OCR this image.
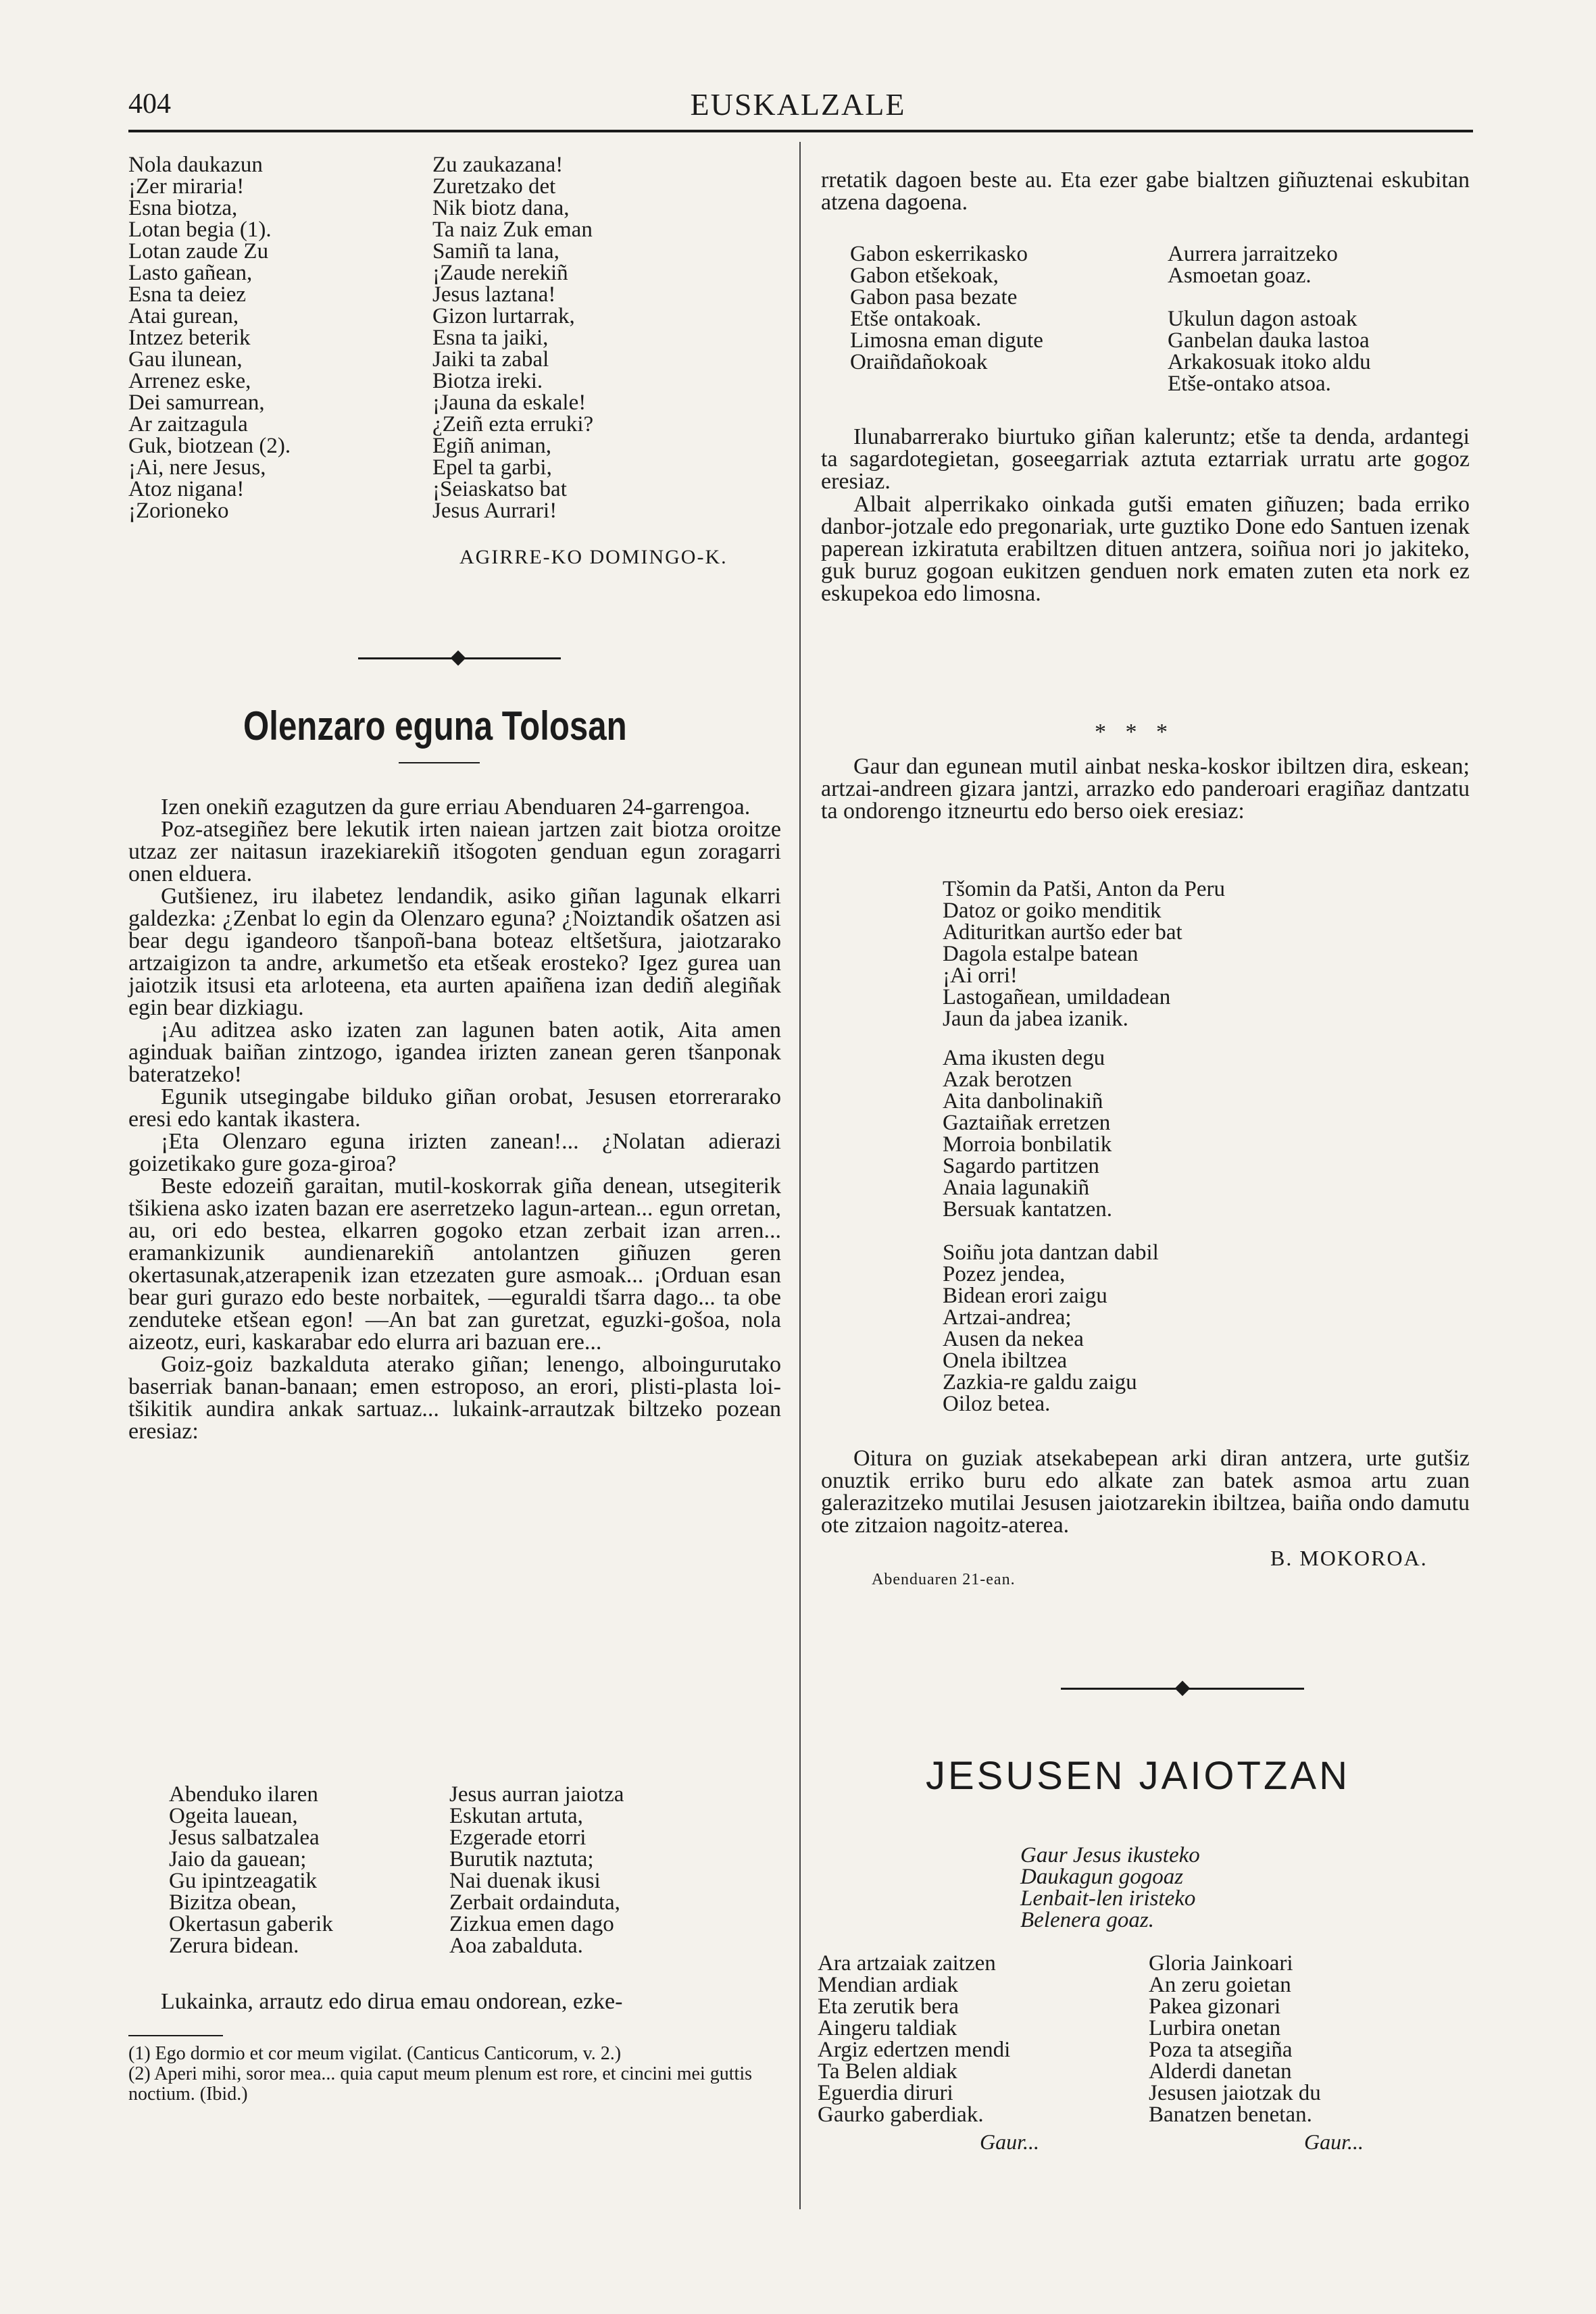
404	EUSKALZALE
Nola daukazun
¡Zer miraria!
Esna biotza,
Lotan begia (1).
Lotan zaude Zu
Lasto gañean,
Esna ta deiez
Atai gurean,
Intzez beterik
Gau ilunean,
Arrenez eske,
Dei samurrean,
Ar zaitzagula
Guk, biotzean (2).
¡Ai, nere Jesus,
Atoz nigana!
¡Zorioneko
Zu zaukazana!
Zuretzako det
Nik biotz dana,
Ta naiz Zuk eman
Samiñ ta lana,
¡Zaude nerekiñ
Jesus laztana!
Gizon lurtarrak,
Esna ta jaiki,
Jaiki ta zabal
Biotza ireki.
¡Jauna da eskale!
¿Zeiñ ezta erruki?
Egiñ animan,
Epel ta garbi,
¡Seiaskatso bat
Jesus Aurrari!
AGIRRE-KO DOMINGO-K.
Olenzaro eguna Tolosan

Izen onekiñ ezagutzen da gure erriau Abenduaren 24-garrengoa.

Poz-atsegiñez bere lekutik irten naiean jartzen zait biotza oroitze utzaz zer naitasun irazekiarekiñ itšogoten genduan egun zoragarri onen elduera.

Gutšienez, iru ilabetez lendandik, asiko giñan lagunak elkarri galdezka: ¿Zenbat lo egin da Olenzaro eguna? ¿Noiztandik ošatzen asi bear degu igandeoro tšanpoñ-bana boteaz eltšetšura, jaiotzarako artzaigizon ta andre, arkumetšo eta etšeak erosteko? Igez gurea uan jaiotzik itsusi eta arloteena, eta aurten apaiñena izan dediñ alegiñak egin bear dizkiagu.

¡Au aditzea asko izaten zan lagunen baten aotik, Aita amen aginduak baiñan zintzogo, igandea irizten zanean geren tšanponak bateratzeko!

Egunik utsegingabe bilduko giñan orobat, Jesusen etorrerarako eresi edo kantak ikastera.

¡Eta Olenzaro eguna irizten zanean!... ¿Nolatan adierazi goizetikako gure goza-giroa?

Beste edozeiñ garaitan, mutil-koskorrak giña denean, utsegiterik tšikiena asko izaten bazan ere aserretzeko lagun-artean... egun orretan, au, ori edo bestea, elkarren gogoko etzan zerbait izan arren... eramankizunik aundienarekiñ antolantzen giñuzen geren okertasunak,atzerapenik izan etzezaten gure asmoak... ¡Orduan esan bear guri gurazo edo beste norbaitek, —eguraldi tšarra dago... ta obe zenduteke etšean egon! —An bat zan guretzat, eguzki-gošoa, nola aizeotz, euri, kaskarabar edo elurra ari bazuan ere...

Goiz-goiz bazkalduta aterako giñan; lenengo, alboingurutako baserriak banan-banaan; emen estroposo, an erori, plisti-plasta loi-tšikitik aundira ankak sartuaz... lukaink-arrautzak biltzeko pozean eresiaz:

Abenduko ilaren
Ogeita lauean,
Jesus salbatzalea
Jaio da gauean;
Gu ipintzeagatik
Bizitza obean,
Okertasun gaberik
Zerura bidean.
Jesus aurran jaiotza
Eskutan artuta,
Ezgerade etorri
Burutik naztuta;
Nai duenak ikusi
Zerbait ordainduta,
Zizkua emen dago
Aoa zabalduta.

Lukainka, arrautz edo dirua emau ondorean, ezke-

(1) Ego dormio et cor meum vigilat. (Canticus Canticorum, v. 2.)
(2) Aperi mihi, soror mea... quia caput meum plenum est rore, et cincini mei guttis noctium. (Ibid.)

rretatik dagoen beste au. Eta ezer gabe bialtzen giñuztenai eskubitan atzena dagoena.

Gabon eskerrikasko
Gabon etšekoak,
Gabon pasa bezate
Etše ontakoak.
Limosna eman digute
Oraiñdañokoak
Aurrera jarraitzeko
Asmoetan goaz.
Ukulun dagon astoak
Ganbelan dauka lastoa
Arkakosuak itoko aldu
Etše-ontako atsoa.

Ilunabarrerako biurtuko giñan kaleruntz; etše ta denda, ardantegi ta sagardotegietan, goseegarriak aztuta eztarriak urratu arte gogoz eresiaz.

Albait alperrikako oinkada gutši ematen giñuzen; bada erriko danbor-jotzale edo pregonariak, urte guztiko Done edo Santuen izenak paperean izkiratuta erabiltzen dituen antzera, soiñua nori jo jakiteko, guk buruz gogoan eukitzen genduen nork ematen zuten eta nork ez eskupekoa edo limosna.

* * *

Gaur dan egunean mutil ainbat neska-koskor ibiltzen dira, eskean; artzai-andreen gizara jantzi, arrazko edo panderoari eragiñaz dantzatu ta ondorengo itzneurtu edo berso oiek eresiaz:

Tšomin da Patši, Anton da Peru
Datoz or goiko menditik
Adituritkan aurtšo eder bat
Dagola estalpe batean
¡Ai orri!
Lastogañean, umildadean
Jaun da jabea izanik.
Ama ikusten degu
Azak berotzen
Aita danbolinakiñ
Gaztaiñak erretzen
Morroia bonbilatik
Sagardo partitzen
Anaia lagunakiñ
Bersuak kantatzen.
Soiñu jota dantzan dabil
Pozez jendea,
Bidean erori zaigu
Artzai-andrea;
Ausen da nekea
Onela ibiltzea
Zazkia-re galdu zaigu
Oiloz betea.

Oitura on guziak atsekabepean arki diran antzera, urte gutšiz onuztik erriko buru edo alkate zan batek asmoa artu zuan galerazitzeko mutilai Jesusen jaiotzarekin ibiltzea, baiña ondo damutu ote zitzaion nagoitz-aterea.

B. MOKOROA.
Abenduaren 21-ean.
JESUSEN JAIOTZAN
Gaur Jesus ikusteko
Daukagun gogoaz
Lenbait-len iristeko
Belenera goaz.
Ara artzaiak zaitzen
Mendian ardiak
Eta zerutik bera
Aingeru taldiak
Argiz edertzen mendi
Ta Belen aldiak
Eguerdia diruri
Gaurko gaberdiak.
Gloria Jainkoari
An zeru goietan
Pakea gizonari
Lurbira onetan
Poza ta atsegiña
Alderdi danetan
Jesusen jaiotzak du
Banatzen benetan.
Gaur...	Gaur...
